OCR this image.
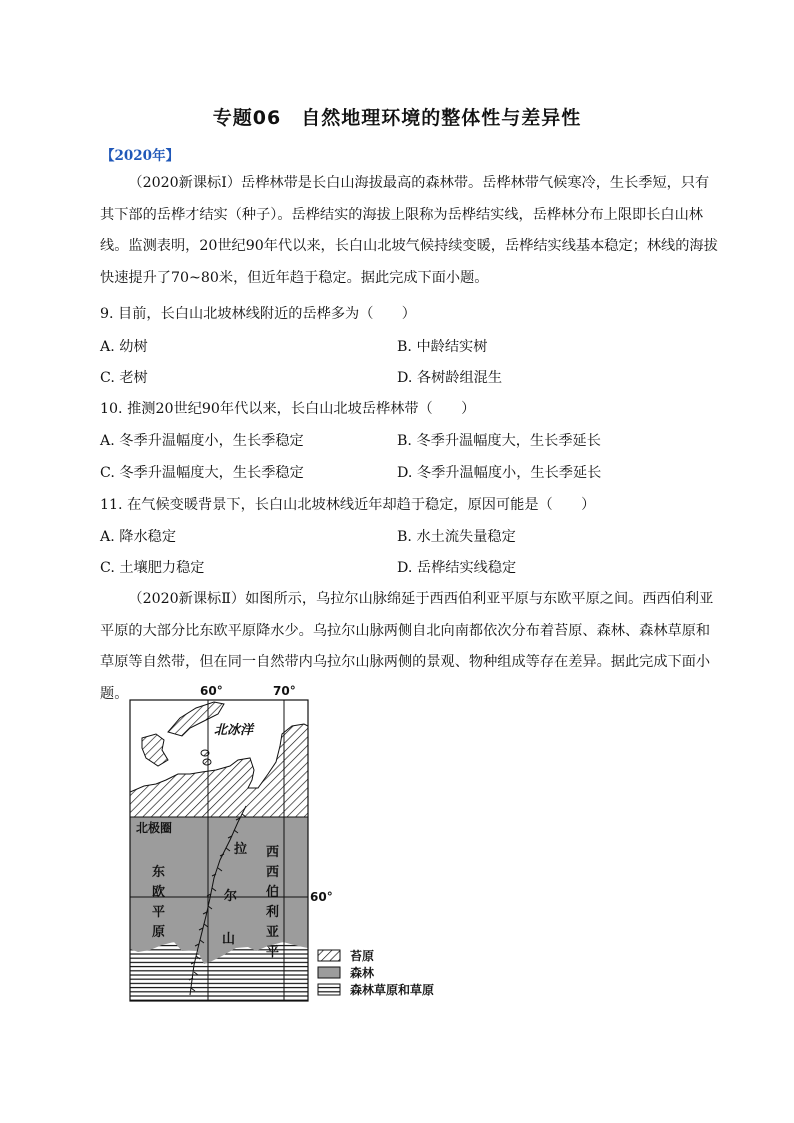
专题06　自然地理环境的整体性与差异性
【2020年】

（2020新课标Ⅰ）岳桦林带是长白山海拔最高的森林带。岳桦林带气候寒冷，生长季短，只有其下部的岳桦才结实（种子）。岳桦结实的海拔上限称为岳桦结实线，岳桦林分布上限即长白山林线。监测表明，20世纪90年代以来，长白山北坡气候持续变暖，岳桦结实线基本稳定；林线的海拔快速提升了70~80米，但近年趋于稳定。据此完成下面小题。

9. 目前，长白山北坡林线附近的岳桦多为（　　）
A. 幼树	B. 中龄结实树
C. 老树	D. 各树龄组混生
10. 推测20世纪90年代以来，长白山北坡岳桦林带（　　）
A. 冬季升温幅度小，生长季稳定	B. 冬季升温幅度大，生长季延长
C. 冬季升温幅度大，生长季稳定	D. 冬季升温幅度小，生长季延长
11. 在气候变暖背景下，长白山北坡林线近年却趋于稳定，原因可能是（　　）
A. 降水稳定	B. 水土流失量稳定
C. 土壤肥力稳定	D. 岳桦结实线稳定

（2020新课标Ⅱ）如图所示，乌拉尔山脉绵延于西西伯利亚平原与东欧平原之间。西西伯利亚平原的大部分比东欧平原降水少。乌拉尔山脉两侧自北向南都依次分布着苔原、森林、森林草原和草原等自然带，但在同一自然带内乌拉尔山脉两侧的景观、物种组成等存在差异。据此完成下面小题。	60°	70°
60°
北冰洋
北极圈
东
欧
平
原
拉
尔
山
西
西
伯
利
亚
平	苔原
森林
森林草原和草原
